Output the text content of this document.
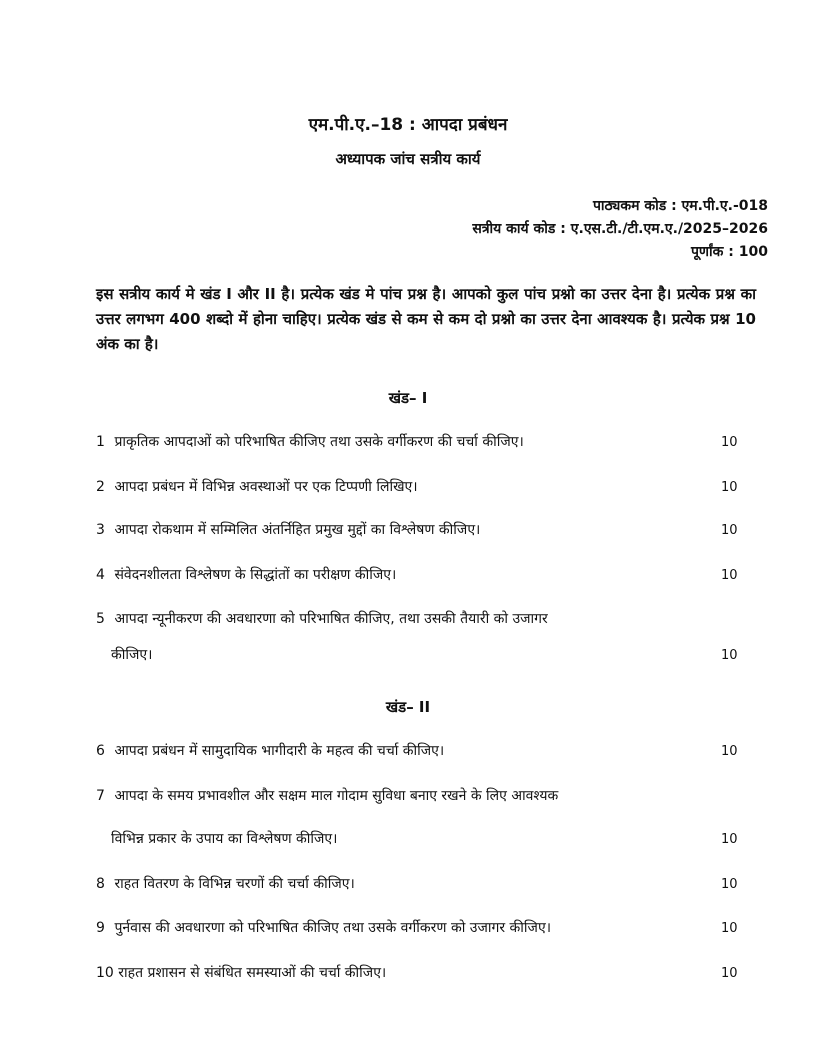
एम.पी.ए.–18 : आपदा प्रबंधन
अध्यापक जांच सत्रीय कार्य
पाठ्यकम कोड : एम.पी.ए.-018
सत्रीय कार्य कोड : ए.एस.टी./टी.एम.ए./2025–2026
पूर्णांक : 100
इस सत्रीय कार्य मे खंड I और II है। प्रत्येक खंड मे पांच प्रश्न है। आपको कुल पांच प्रश्नो का उत्तर देना है। प्रत्येक प्रश्न का उत्तर लगभग 400 शब्दो में होना चाहिए। प्रत्येक खंड से कम से कम दो प्रश्नो का उत्तर देना आवश्यक है। प्रत्येक प्रश्न 10 अंक का है।
खंड– I
1 प्राकृतिक आपदाओं को परिभाषित कीजिए तथा उसके वर्गीकरण की चर्चा कीजिए।	10
2 आपदा प्रबंधन में विभिन्न अवस्थाओं पर एक टिप्पणी लिखिए।	10
3 आपदा रोकथाम में सम्मिलित अंतर्निहित प्रमुख मुद्दों का विश्लेषण कीजिए।	10
4 संवेदनशीलता विश्लेषण के सिद्धांतों का परीक्षण कीजिए।	10
5 आपदा न्यूनीकरण की अवधारणा को परिभाषित कीजिए, तथा उसकी तैयारी को उजागर
कीजिए।	10
खंड– II
6 आपदा प्रबंधन में सामुदायिक भागीदारी के महत्व की चर्चा कीजिए।	10
7 आपदा के समय प्रभावशील और सक्षम माल गोदाम सुविधा बनाए रखने के लिए आवश्यक
विभिन्न प्रकार के उपाय का विश्लेषण कीजिए।	10
8 राहत वितरण के विभिन्न चरणों की चर्चा कीजिए।	10
9 पुर्नवास की अवधारणा को परिभाषित कीजिए तथा उसके वर्गीकरण को उजागर कीजिए।	10
10 राहत प्रशासन से संबंधित समस्याओं की चर्चा कीजिए।	10
